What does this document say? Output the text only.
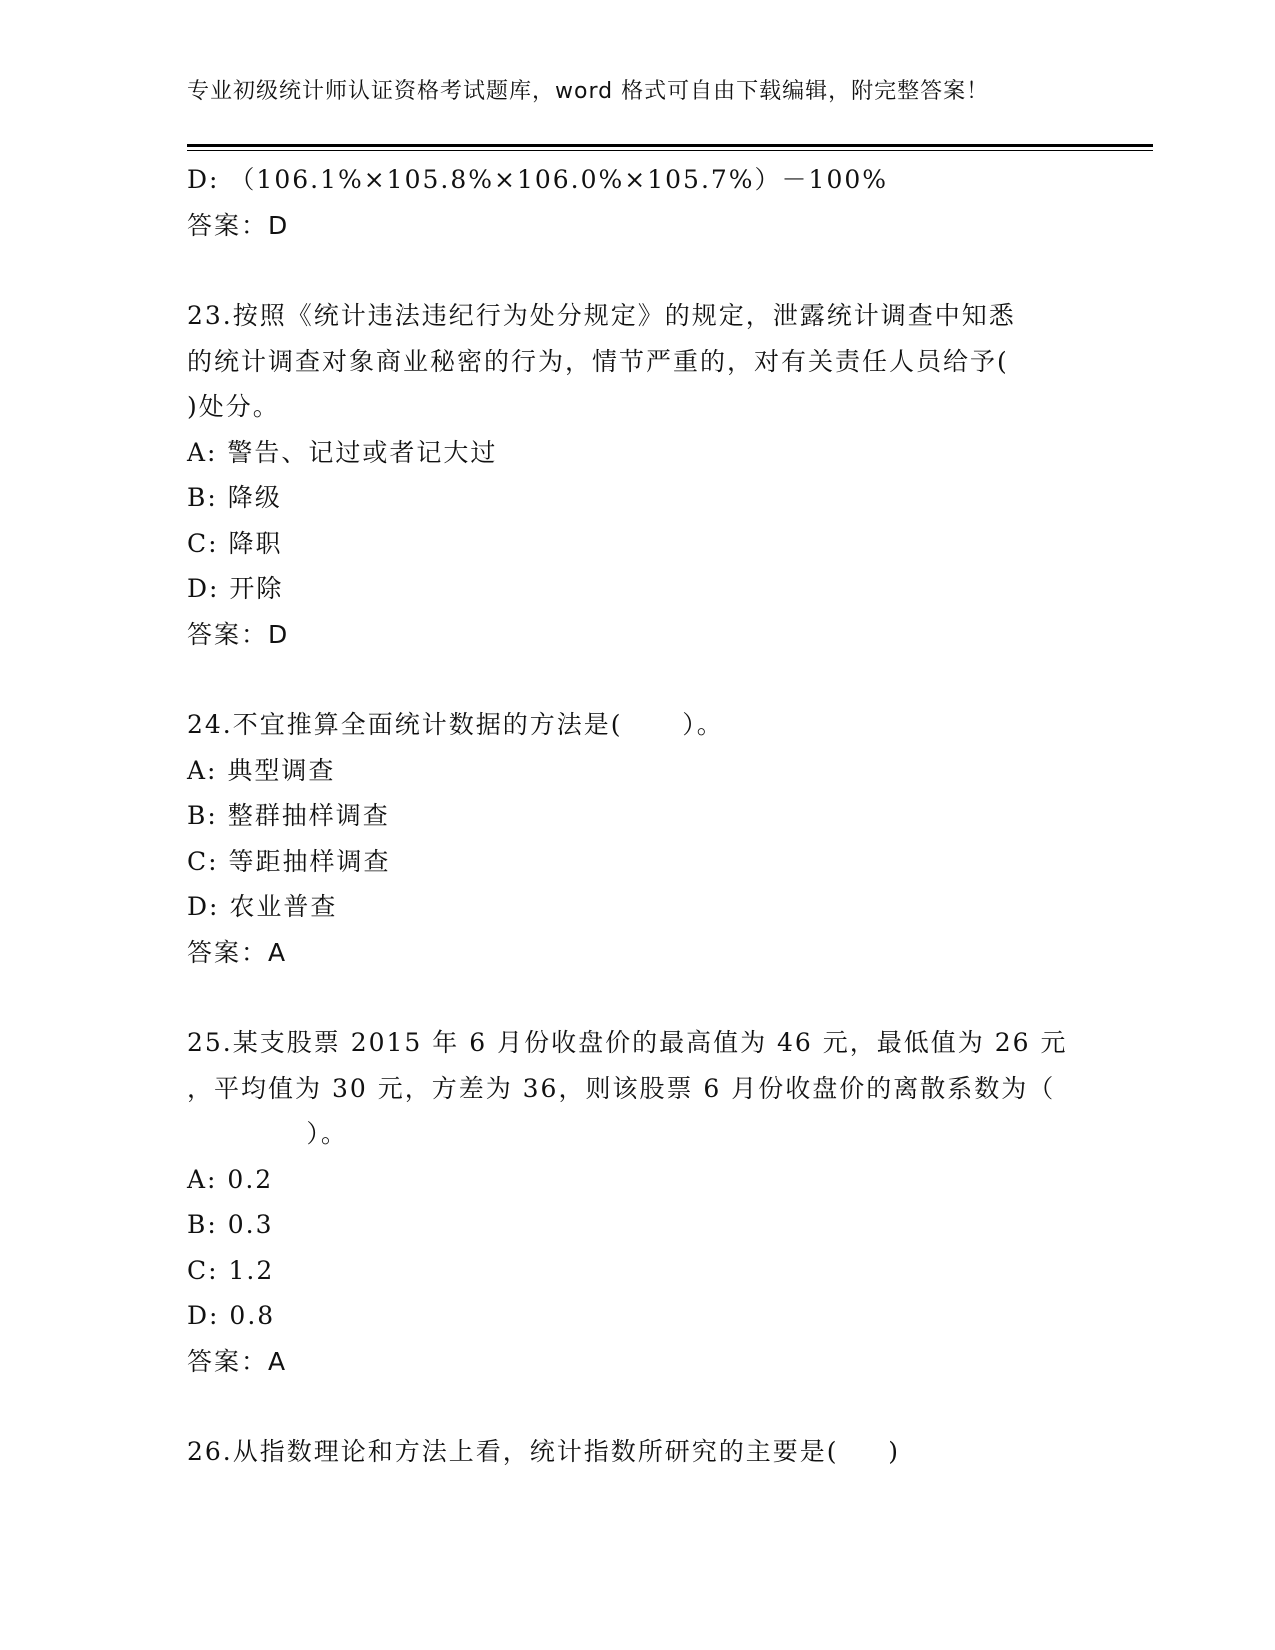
专业初级统计师认证资格考试题库，word 格式可自由下载编辑，附完整答案！

D: （106.1%×105.8%×106.0%×105.7%）－100%

答案：D

23.按照《统计违法违纪行为处分规定》的规定，泄露统计调查中知悉

的统计调查对象商业秘密的行为，情节严重的，对有关责任人员给予(

)处分。

A: 警告、记过或者记大过

B: 降级

C: 降职

D: 开除

答案：D

24.不宜推算全面统计数据的方法是(      ）。

A: 典型调查

B: 整群抽样调查

C: 等距抽样调查

D: 农业普查

答案：A

25.某支股票 2015 年 6 月份收盘价的最高值为 46 元，最低值为 26 元

，平均值为 30 元，方差为 36，则该股票 6 月份收盘价的离散系数为（

）。

A: 0.2

B: 0.3

C: 1.2

D: 0.8

答案：A

26.从指数理论和方法上看，统计指数所研究的主要是(     )
